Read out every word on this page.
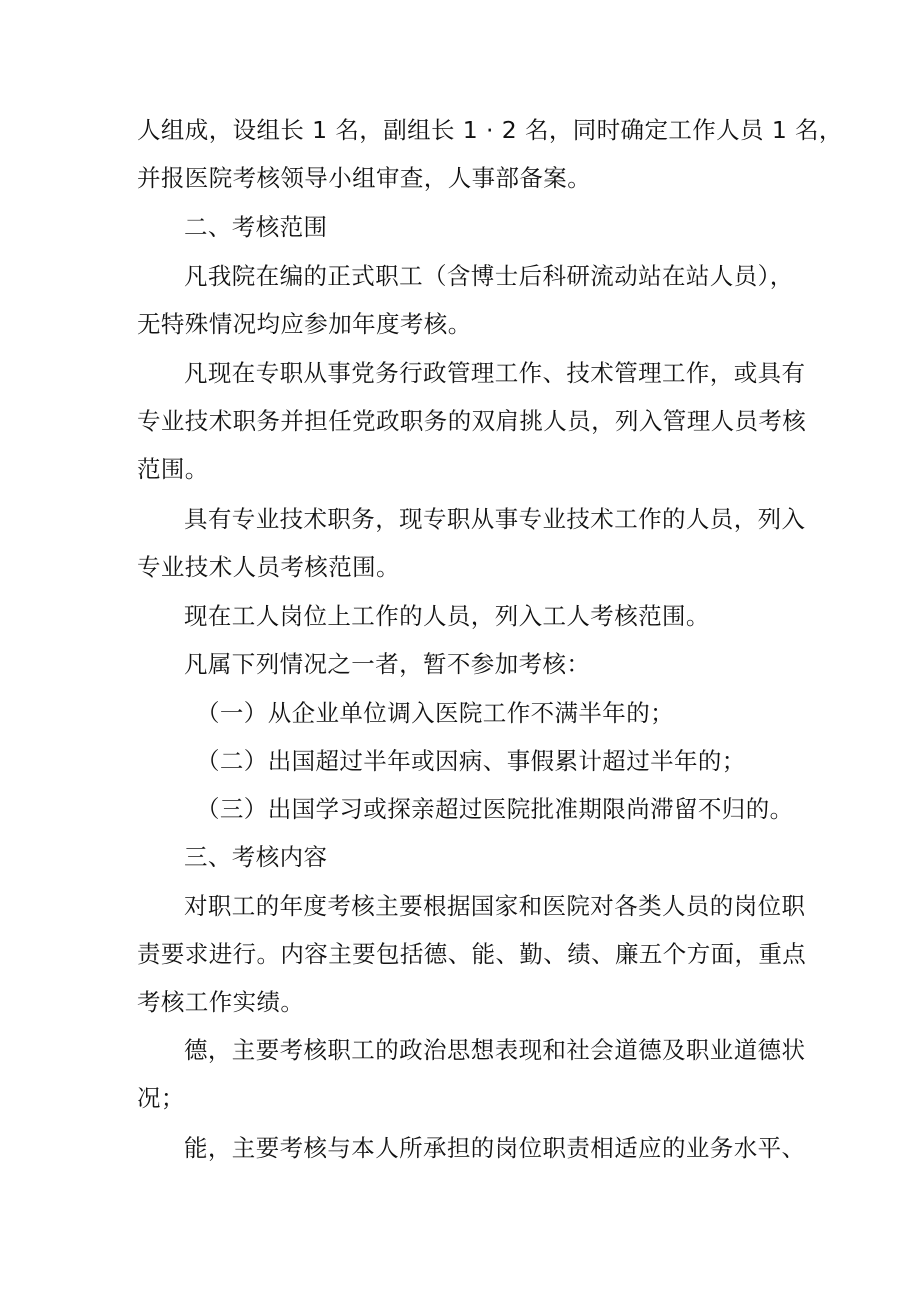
人组成，设组长 1 名，副组长 1 · 2 名，同时确定工作人员 1 名，
并报医院考核领导小组审查，人事部备案。
二、考核范围
凡我院在编的正式职工（含博士后科研流动站在站人员），
无特殊情况均应参加年度考核。
凡现在专职从事党务行政管理工作、技术管理工作，或具有
专业技术职务并担任党政职务的双肩挑人员，列入管理人员考核
范围。
具有专业技术职务，现专职从事专业技术工作的人员，列入
专业技术人员考核范围。
现在工人岗位上工作的人员，列入工人考核范围。
凡属下列情况之一者，暂不参加考核：
（一）从企业单位调入医院工作不满半年的；
（二）出国超过半年或因病、事假累计超过半年的；
（三）出国学习或探亲超过医院批准期限尚滞留不归的。
三、考核内容
对职工的年度考核主要根据国家和医院对各类人员的岗位职
责要求进行。内容主要包括德、能、勤、绩、廉五个方面，重点
考核工作实绩。
德，主要考核职工的政治思想表现和社会道德及职业道德状
况；
能，主要考核与本人所承担的岗位职责相适应的业务水平、
